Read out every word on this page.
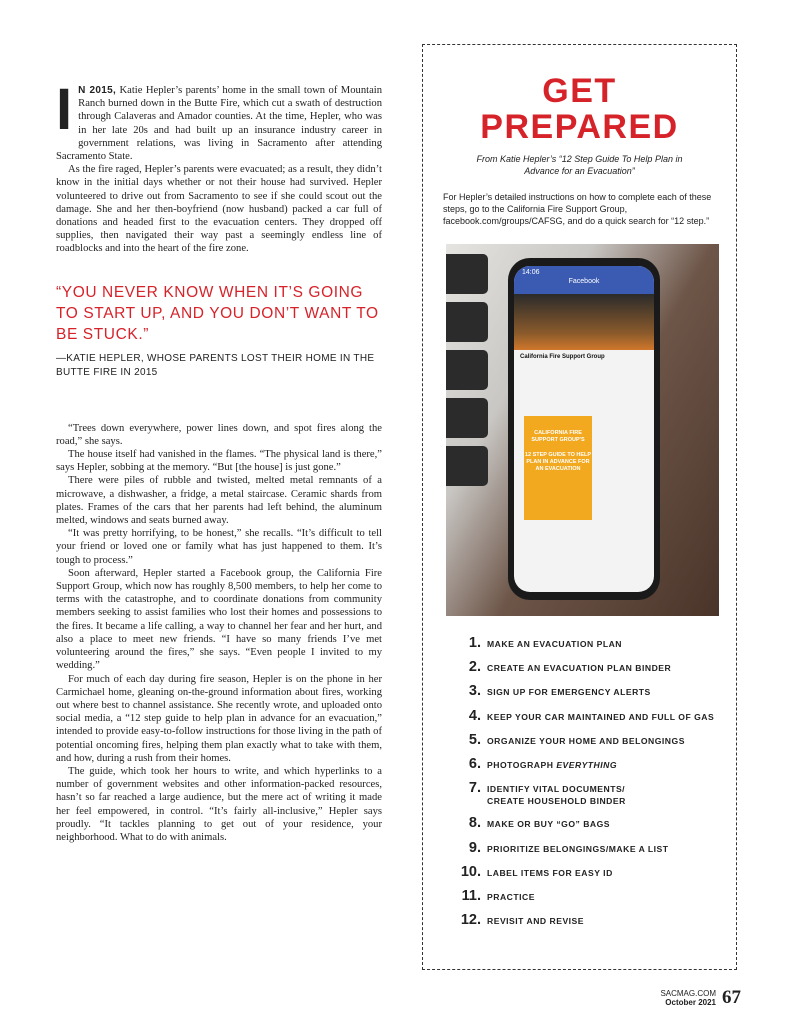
I N 2015, Katie Hepler’s parents’ home in the small town of Mountain Ranch burned down in the Butte Fire, which cut a swath of destruction through Calaveras and Amador counties. At the time, Hepler, who was in her late 20s and had built up an insurance industry career in government relations, was living in Sacramento after attending Sacramento State.

As the fire raged, Hepler’s parents were evacuated; as a result, they didn’t know in the initial days whether or not their house had survived. Hepler volunteered to drive out from Sacramento to see if she could scout out the damage. She and her then-boyfriend (now husband) packed a car full of donations and headed first to the evacuation centers. They dropped off supplies, then navigated their way past a seemingly endless line of roadblocks and into the heart of the fire zone.

“YOU NEVER KNOW WHEN IT’S GOING TO START UP, AND YOU DON’T WANT TO BE STUCK.”
—KATIE HEPLER, WHOSE PARENTS LOST THEIR HOME IN THE BUTTE FIRE IN 2015

“Trees down everywhere, power lines down, and spot fires along the road,” she says.

The house itself had vanished in the flames. “The physical land is there,” says Hepler, sobbing at the memory. “But [the house] is just gone.”

There were piles of rubble and twisted, melted metal remnants of a microwave, a dishwasher, a fridge, a metal staircase. Ceramic shards from plates. Frames of the cars that her parents had left behind, the aluminum melted, windows and seats burned away.

“It was pretty horrifying, to be honest,” she recalls. “It’s difficult to tell your friend or loved one or family what has just happened to them. It’s tough to process.”

Soon afterward, Hepler started a Facebook group, the California Fire Support Group, which now has roughly 8,500 members, to help her come to terms with the catastrophe, and to coordinate donations from community members seeking to assist families who lost their homes and possessions to the fires. It became a life calling, a way to channel her fear and her hurt, and also a place to meet new friends. “I have so many friends I’ve met volunteering around the fires,” she says. “Even people I invited to my wedding.”

For much of each day during fire season, Hepler is on the phone in her Carmichael home, gleaning on-the-ground information about fires, working out where best to channel assistance. She recently wrote, and uploaded onto social media, a “12 step guide to help plan in advance for an evacuation,” intended to provide easy-to-follow instructions for those living in the path of potential oncoming fires, helping them plan exactly what to take with them, and how, during a rush from their homes.

The guide, which took her hours to write, and which hyperlinks to a number of government websites and other information-packed resources, hasn’t so far reached a large audience, but the mere act of writing it made her feel empowered, in control. “It’s fairly all-inclusive,” Hepler says proudly. “It tackles planning to get out of your residence, your neighborhood. What to do with animals.

GET
PREPARED
From Katie Hepler’s “12 Step Guide To Help Plan in Advance for an Evacuation”
For Hepler’s detailed instructions on how to complete each of these steps, go to the California Fire Support Group, facebook.com/groups/CAFSG, and do a quick search for “12 step.”
14:06
Facebook
California Fire Support Group
CALIFORNIA FIRE SUPPORT GROUP'S
12 STEP GUIDE TO HELP PLAN IN ADVANCE FOR AN EVACUATION
1. MAKE AN EVACUATION PLAN
2. CREATE AN EVACUATION PLAN BINDER
3. SIGN UP FOR EMERGENCY ALERTS
4. KEEP YOUR CAR MAINTAINED AND FULL OF GAS
5. ORGANIZE YOUR HOME AND BELONGINGS
6. PHOTOGRAPH EVERYTHING
7. IDENTIFY VITAL DOCUMENTS/
CREATE HOUSEHOLD BINDER
8. MAKE OR BUY “GO” BAGS
9. PRIORITIZE BELONGINGS/MAKE A LIST
10. LABEL ITEMS FOR EASY ID
11. PRACTICE
12. REVISIT AND REVISE
SACMAG.COM
October 2021 67
